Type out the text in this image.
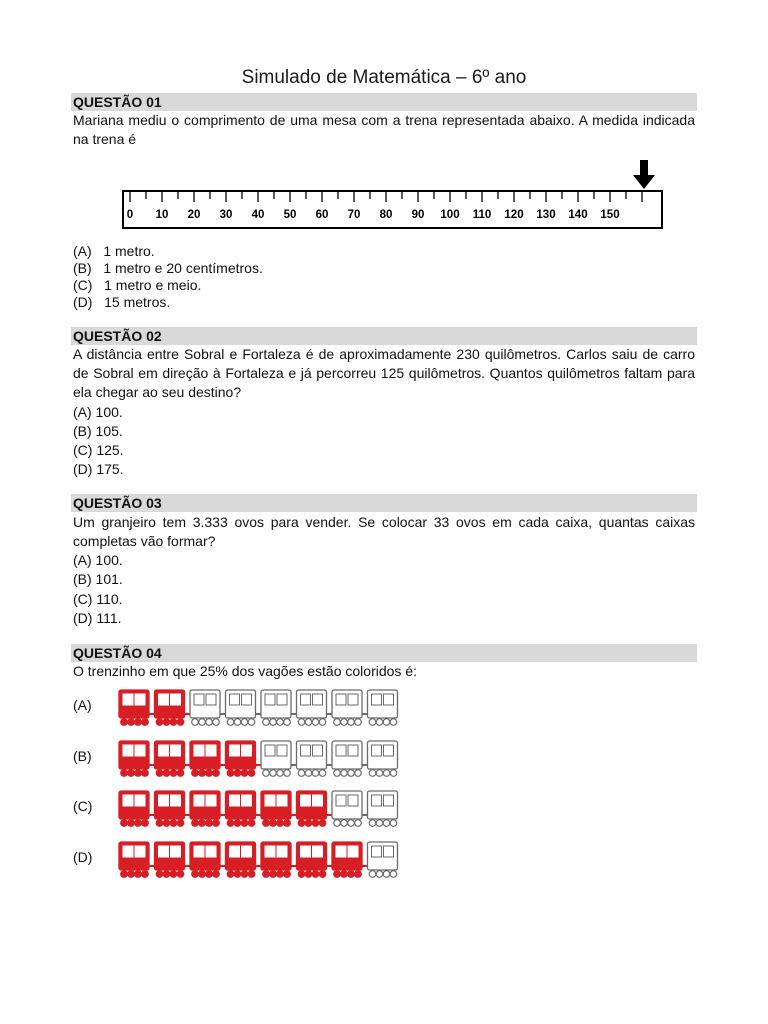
Simulado de Matemática – 6º ano
QUESTÃO 01
Mariana mediu o comprimento de uma mesa com a trena representada abaixo. A medida indicada na trena é
0 10 20 30 40 50 60 70 80 90 100 110 120 130 140 150
(A)   1 metro.
(B)   1 metro e 20 centímetros.
(C)   1 metro e meio.
(D)   15 metros.
QUESTÃO 02
A distância entre Sobral e Fortaleza é de aproximadamente 230 quilômetros. Carlos saiu de carro de Sobral em direção à Fortaleza e já percorreu 125 quilômetros. Quantos quilômetros faltam para ela chegar ao seu destino?
(A) 100.
(B) 105.
(C) 125.
(D) 175.
QUESTÃO 03
Um granjeiro tem 3.333 ovos para vender. Se colocar 33 ovos em cada caixa, quantas caixas completas vão formar?
(A) 100.
(B) 101.
(C) 110.
(D) 111.
QUESTÃO 04
O trenzinho em que 25% dos vagões estão coloridos é:
(A)
(B)
(C)
(D)
